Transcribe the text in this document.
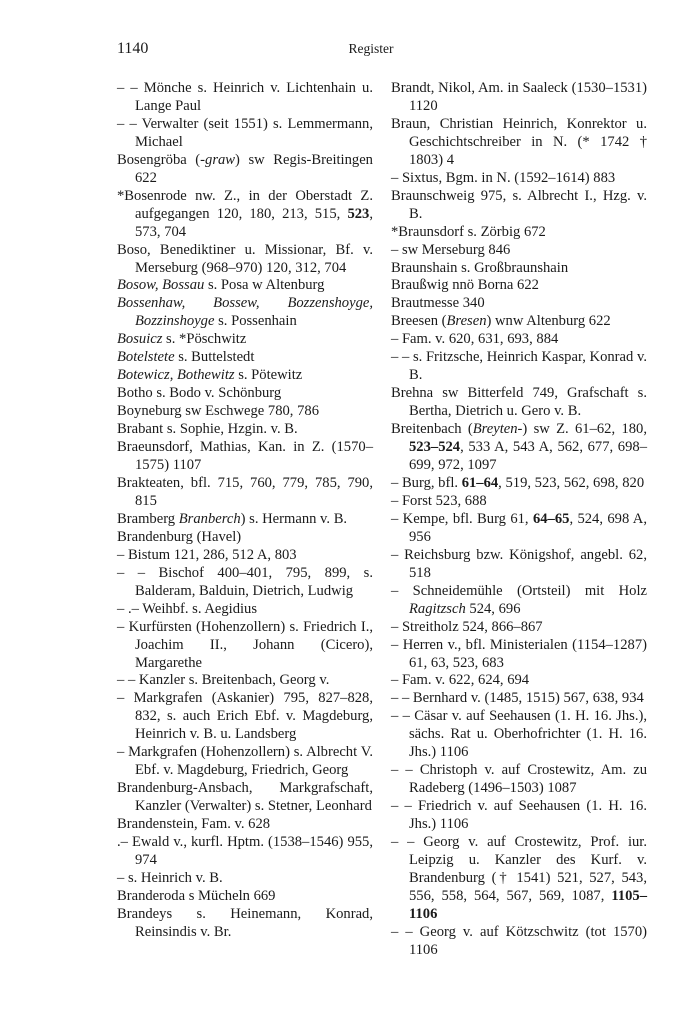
1140	Register

– – Mönche s. Heinrich v. Lichtenhain u. Lange Paul

– – Verwalter (seit 1551) s. Lemmermann, Michael

Bosengröba (-graw) sw Regis-Breitingen 622

*Bosenrode nw. Z., in der Oberstadt Z. aufgegangen 120, 180, 213, 515, 523, 573, 704

Boso, Benediktiner u. Missionar, Bf. v. Merseburg (968–970) 120, 312, 704

Bosow, Bossau s. Posa w Altenburg

Bossenhaw, Bossew, Bozzenshoyge, Bozzinshoyge s. Possenhain

Bosuicz s. *Pöschwitz

Botelstete s. Buttelstedt

Botewicz, Bothewitz s. Pötewitz

Botho s. Bodo v. Schönburg

Boyneburg sw Eschwege 780, 786

Brabant s. Sophie, Hzgin. v. B.

Braeunsdorf, Mathias, Kan. in Z. (1570–1575) 1107

Brakteaten, bfl. 715, 760, 779, 785, 790, 815

Bramberg Branberch) s. Hermann v. B.

Brandenburg (Havel)

– Bistum 121, 286, 512 A, 803

– – Bischof 400–401, 795, 899, s. Balderam, Balduin, Dietrich, Ludwig

– .– Weihbf. s. Aegidius

– Kurfürsten (Hohenzollern) s. Friedrich I., Joachim II., Johann (Cicero), Margarethe

– – Kanzler s. Breitenbach, Georg v.

– Markgrafen (Askanier) 795, 827–828, 832, s. auch Erich Ebf. v. Magdeburg, Heinrich v. B. u. Landsberg

– Markgrafen (Hohenzollern) s. Albrecht V. Ebf. v. Magdeburg, Friedrich, Georg

Brandenburg-Ansbach, Markgrafschaft, Kanzler (Verwalter) s. Stetner, Leonhard

Brandenstein, Fam. v. 628

.– Ewald v., kurfl. Hptm. (1538–1546) 955, 974

– s. Heinrich v. B.

Branderoda s Mücheln 669

Brandeys s. Heinemann, Konrad, Reinsindis v. Br.

Brandt, Nikol, Am. in Saaleck (1530–1531) 1120

Braun, Christian Heinrich, Konrektor u. Geschichtschreiber in N. (* 1742 † 1803) 4

– Sixtus, Bgm. in N. (1592–1614) 883

Braunschweig 975, s. Albrecht I., Hzg. v. B.

*Braunsdorf s. Zörbig 672

– sw Merseburg 846

Braunshain s. Großbraunshain

Braußwig nnö Borna 622

Brautmesse 340

Breesen (Bresen) wnw Altenburg 622

– Fam. v. 620, 631, 693, 884

– – s. Fritzsche, Heinrich Kaspar, Konrad v. B.

Brehna sw Bitterfeld 749, Grafschaft s. Bertha, Dietrich u. Gero v. B.

Breitenbach (Breyten-) sw Z. 61–62, 180, 523–524, 533 A, 543 A, 562, 677, 698–699, 972, 1097

– Burg, bfl. 61–64, 519, 523, 562, 698, 820

– Forst 523, 688

– Kempe, bfl. Burg 61, 64–65, 524, 698 A, 956

– Reichsburg bzw. Königshof, angebl. 62, 518

– Schneidemühle (Ortsteil) mit Holz Ragitzsch 524, 696

– Streitholz 524, 866–867

– Herren v., bfl. Ministerialen (1154–1287) 61, 63, 523, 683

– Fam. v. 622, 624, 694

– – Bernhard v. (1485, 1515) 567, 638, 934

– – Cäsar v. auf Seehausen (1. H. 16. Jhs.), sächs. Rat u. Oberhofrichter (1. H. 16. Jhs.) 1106

– – Christoph v. auf Crostewitz, Am. zu Radeberg (1496–1503) 1087

– – Friedrich v. auf Seehausen (1. H. 16. Jhs.) 1106

– – Georg v. auf Crostewitz, Prof. iur. Leipzig u. Kanzler des Kurf. v. Brandenburg († 1541) 521, 527, 543, 556, 558, 564, 567, 569, 1087, 1105–1106

– – Georg v. auf Kötzschwitz (tot 1570) 1106
